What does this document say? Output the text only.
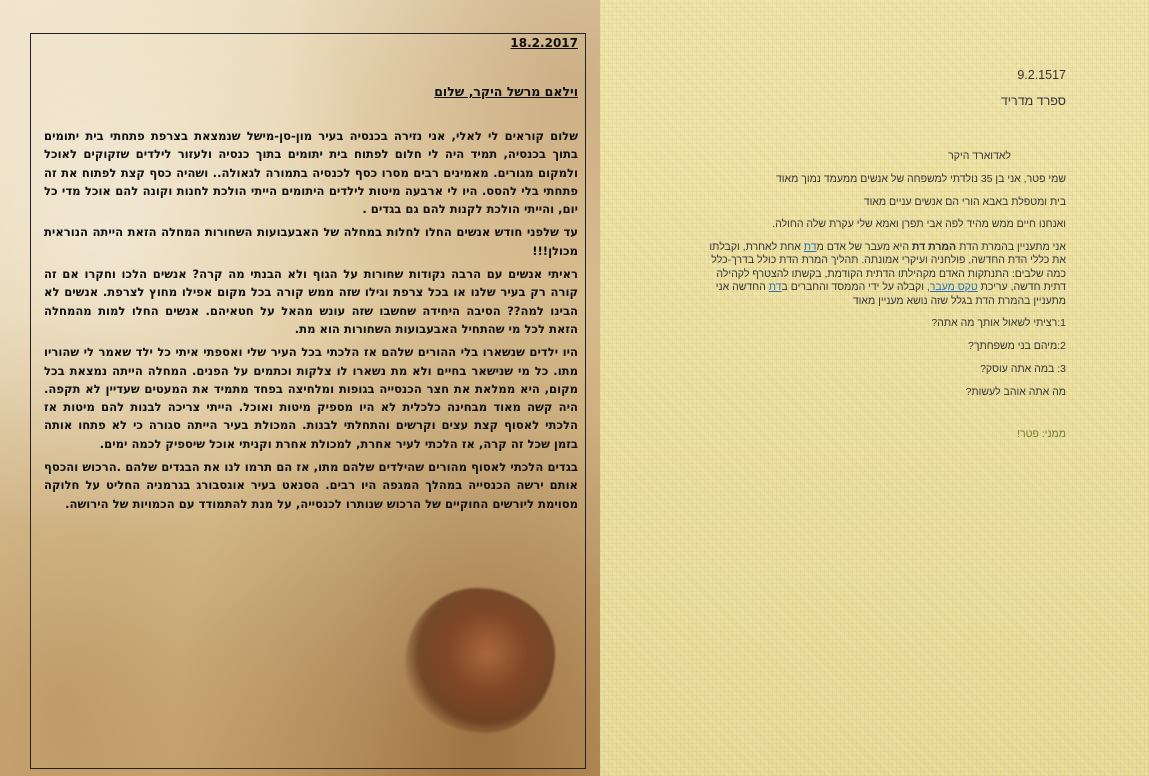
18.2.2017

וילאם מרשל היקר, שלום

שלום קוראים לי לאלי, אני נזירה בכנסיה בעיר מון-סן-מישל שנמצאת בצרפת פתחתי בית יתומים בתוך בכנסיה, תמיד היה לי חלום לפתוח בית יתומים בתוך כנסיה ולעזור לילדים שזקוקים לאוכל ולמקום מגורים. מאמינים רבים מסרו כסף לכנסיה בתמורה לגאולה.. ושהיה כסף קצת לפתוח את זה פתחתי בלי להסס. היו לי ארבעה מיטות לילדים היתומים הייתי הולכת לחנות וקונה להם אוכל מדי כל יום, והייתי הולכת לקנות להם גם בגדים .

עד שלפני חודש אנשים החלו לחלות במחלה של האבעבועות השחורות המחלה הזאת הייתה הנוראית מכולן!!!

ראיתי אנשים עם הרבה נקודות שחורות על הגוף ולא הבנתי מה קרה? אנשים הלכו וחקרו אם זה קורה רק בעיר שלנו או בכל צרפת וגילו שזה ממש קורה בכל מקום אפילו מחוץ לצרפת. אנשים לא הבינו למה?? הסיבה היחידה שחשבו שזה עונש מהאל על חטאיהם. אנשים החלו למות מהמחלה הזאת לכל מי שהתחיל האבעבועות השחורות הוא מת.

היו ילדים שנשארו בלי ההורים שלהם אז הלכתי בכל העיר שלי ואספתי איתי כל ילד שאמר לי שהוריו מתו. כל מי שנישאר בחיים ולא מת נשארו לו צלקות וכתמים על הפנים. המחלה הייתה נמצאת בכל מקום, היא ממלאת את חצר הכנסייה בגופות ומלחיצה בפחד מתמיד את המעטים שעדיין לא תקפה. היה קשה מאוד מבחינה כלכלית לא היו מספיק מיטות ואוכל. הייתי צריכה לבנות להם מיטות אז הלכתי לאסוף קצת עצים וקרשים והתחלתי לבנות. המכולת בעיר הייתה סגורה כי לא פתחו אותה בזמן שכל זה קרה, אז הלכתי לעיר אחרת, למכולת אחרת וקניתי אוכל שיספיק לכמה ימים.

בגדים הלכתי לאסוף מהורים שהילדים שלהם מתו, אז הם תרמו לנו את הבגדים שלהם .הרכוש והכסף אותם ירשה הכנסייה במהלך המגפה היו רבים. הסנאט בעיר אוגסבורג בגרמניה החליט על חלוקה מסוימת ליורשים החוקיים של הרכוש שנותרו לכנסייה, על מנת להתמודד עם הכמויות של הירושה.

9.2.1517

ספרד מדריד

לאדוארד היקר

שמי פטר, אני בן 35 נולדתי למשפחה של אנשים ממעמד נמוך מאוד

בית ומטפלת באבא הורי הם אנשים עניים מאוד

ואנחנו חיים ממש מהיד לפה אבי תפרן ואמא שלי עקרת שלה החולה.

אני מתעניין בהמרת הדת המרת דת היא מעבר של אדם מדת אחת לאחרת, וקבלתו את כללי הדת החדשה, פולחניה ועיקרי אמונתה. תהליך המרת הדת כולל בדרך-כלל כמה שלבים: התנתקות האדם מקהילתו הדתית הקודמת, בקשתו להצטרף לקהילה דתית חדשה, עריכת טקס מעבר, וקבלה על ידי הממסד והחברים בדת החדשה אני מתעניין בהמרת הדת בגלל שזה נושא מעניין מאוד

1:רציתי לשאול אותך מה אתה?

2:מיהם בני משפחתך?

3: במה אתה עוסק?

מה אתה אוהב לעשות?

ממני: פטר!
